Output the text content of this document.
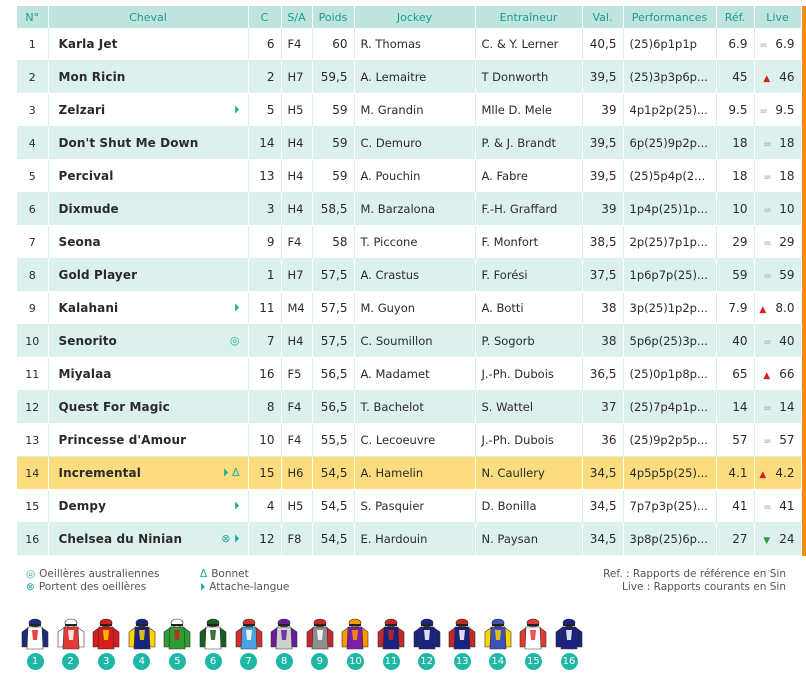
N°	Cheval	C	S/A	Poids	Jockey	Entraîneur	Val.	Performances	Réf.	Live	
1	Karla Jet	6	F4	60	R. Thomas	C. & Y. Lerner	40,5	(25)6p1p1p	6.9	= 6.9	
2	Mon Ricin	2	H7	59,5	A. Lemaitre	T Donworth	39,5	(25)3p3p6p...	45	▲ 46	
3	Zelzari ⏵	5	H5	59	M. Grandin	Mlle D. Mele	39	4p1p2p(25)...	9.5	= 9.5	
4	Don't Shut Me Down	14	H4	59	C. Demuro	P. & J. Brandt	39,5	6p(25)9p2p...	18	= 18	
5	Percival	13	H4	59	A. Pouchin	A. Fabre	39,5	(25)5p4p(2...	18	= 18	
6	Dixmude	3	H4	58,5	M. Barzalona	F.-H. Graffard	39	1p4p(25)1p...	10	= 10	
7	Seona	9	F4	58	T. Piccone	F. Monfort	38,5	2p(25)7p1p...	29	= 29	
8	Gold Player	1	H7	57,5	A. Crastus	F. Forési	37,5	1p6p7p(25)...	59	= 59	
9	Kalahani ⏵	11	M4	57,5	M. Guyon	A. Botti	38	3p(25)1p2p...	7.9	▲ 8.0	
10	Senorito ◎	7	H4	57,5	C. Soumillon	P. Sogorb	38	5p6p(25)3p...	40	= 40	
11	Miyalaa	16	F5	56,5	A. Madamet	J.-Ph. Dubois	36,5	(25)0p1p8p...	65	▲ 66	
12	Quest For Magic	8	F4	56,5	T. Bachelot	S. Wattel	37	(25)7p4p1p...	14	= 14	
13	Princesse d'Amour	10	F4	55,5	C. Lecoeuvre	J.-Ph. Dubois	36	(25)9p2p5p...	57	= 57	
14	Incremental ⏵ Δ	15	H6	54,5	A. Hamelin	N. Caullery	34,5	4p5p5p(25)...	4.1	▲ 4.2	
15	Dempy ⏵	4	H5	54,5	S. Pasquier	D. Bonilla	34,5	7p7p3p(25)...	41	= 41	
16	Chelsea du Ninian ⊗ ⏵	12	F8	54,5	E. Hardouin	N. Paysan	34,5	3p8p(25)6p...	27	▼ 24	
◎ Oeillères australiennes
⊗ Portent des oeillères
Δ Bonnet
⏵ Attache-langue
Ref. : Rapports de référence en Sin
Live : Rapports courants en Sin
1	2	3	4	5	6	7	8	9	10 11 12 13 14 15 16
